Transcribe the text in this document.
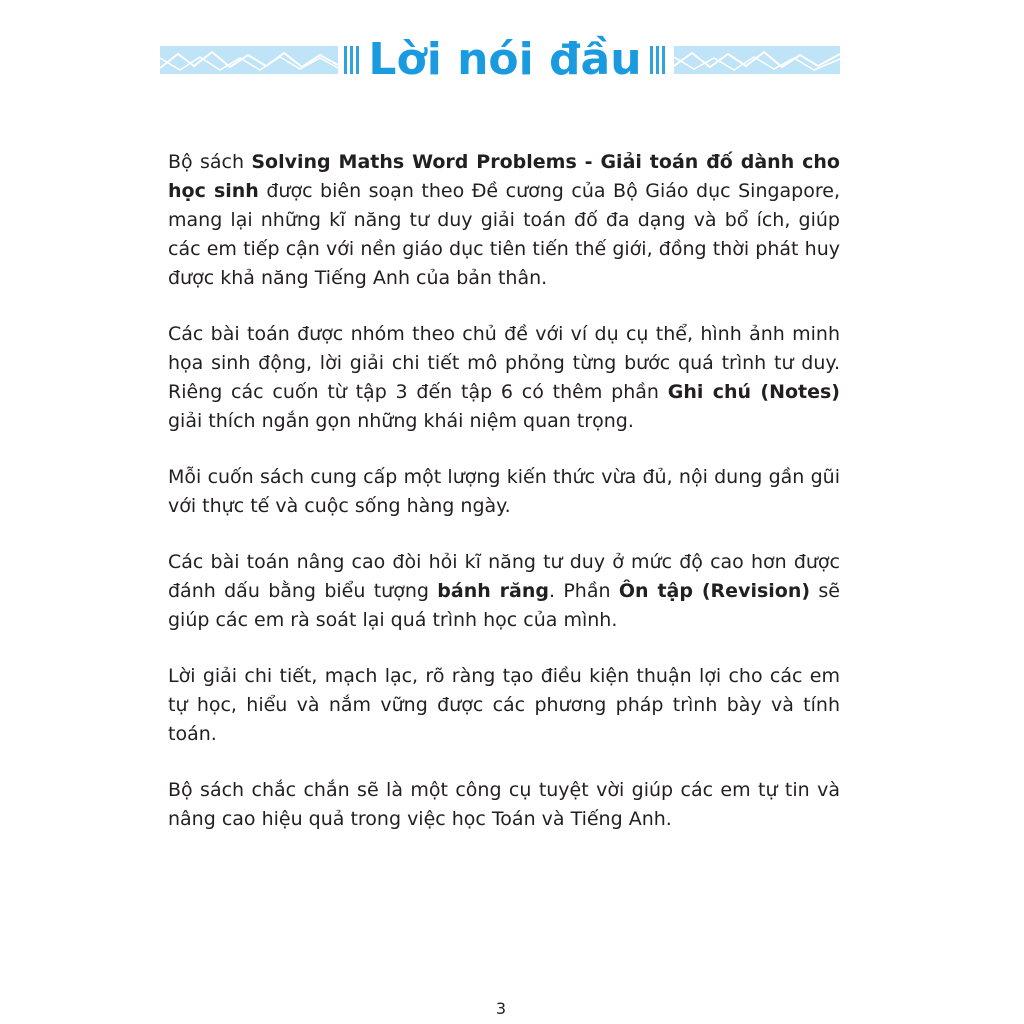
Lời nói đầu

Bộ sách Solving Maths Word Problems - Giải toán đố dành cho học sinh được biên soạn theo Đề cương của Bộ Giáo dục Singapore, mang lại những kĩ năng tư duy giải toán đố đa dạng và bổ ích, giúp các em tiếp cận với nền giáo dục tiên tiến thế giới, đồng thời phát huy được khả năng Tiếng Anh của bản thân.

Các bài toán được nhóm theo chủ đề với ví dụ cụ thể, hình ảnh minh họa sinh động, lời giải chi tiết mô phỏng từng bước quá trình tư duy. Riêng các cuốn từ tập 3 đến tập 6 có thêm phần Ghi chú (Notes) giải thích ngắn gọn những khái niệm quan trọng.

Mỗi cuốn sách cung cấp một lượng kiến thức vừa đủ, nội dung gần gũi với thực tế và cuộc sống hàng ngày.

Các bài toán nâng cao đòi hỏi kĩ năng tư duy ở mức độ cao hơn được đánh dấu bằng biểu tượng bánh răng. Phần Ôn tập (Revision) sẽ giúp các em rà soát lại quá trình học của mình.

Lời giải chi tiết, mạch lạc, rõ ràng tạo điều kiện thuận lợi cho các em tự học, hiểu và nắm vững được các phương pháp trình bày và tính toán.

Bộ sách chắc chắn sẽ là một công cụ tuyệt vời giúp các em tự tin và nâng cao hiệu quả trong việc học Toán và Tiếng Anh.

3
